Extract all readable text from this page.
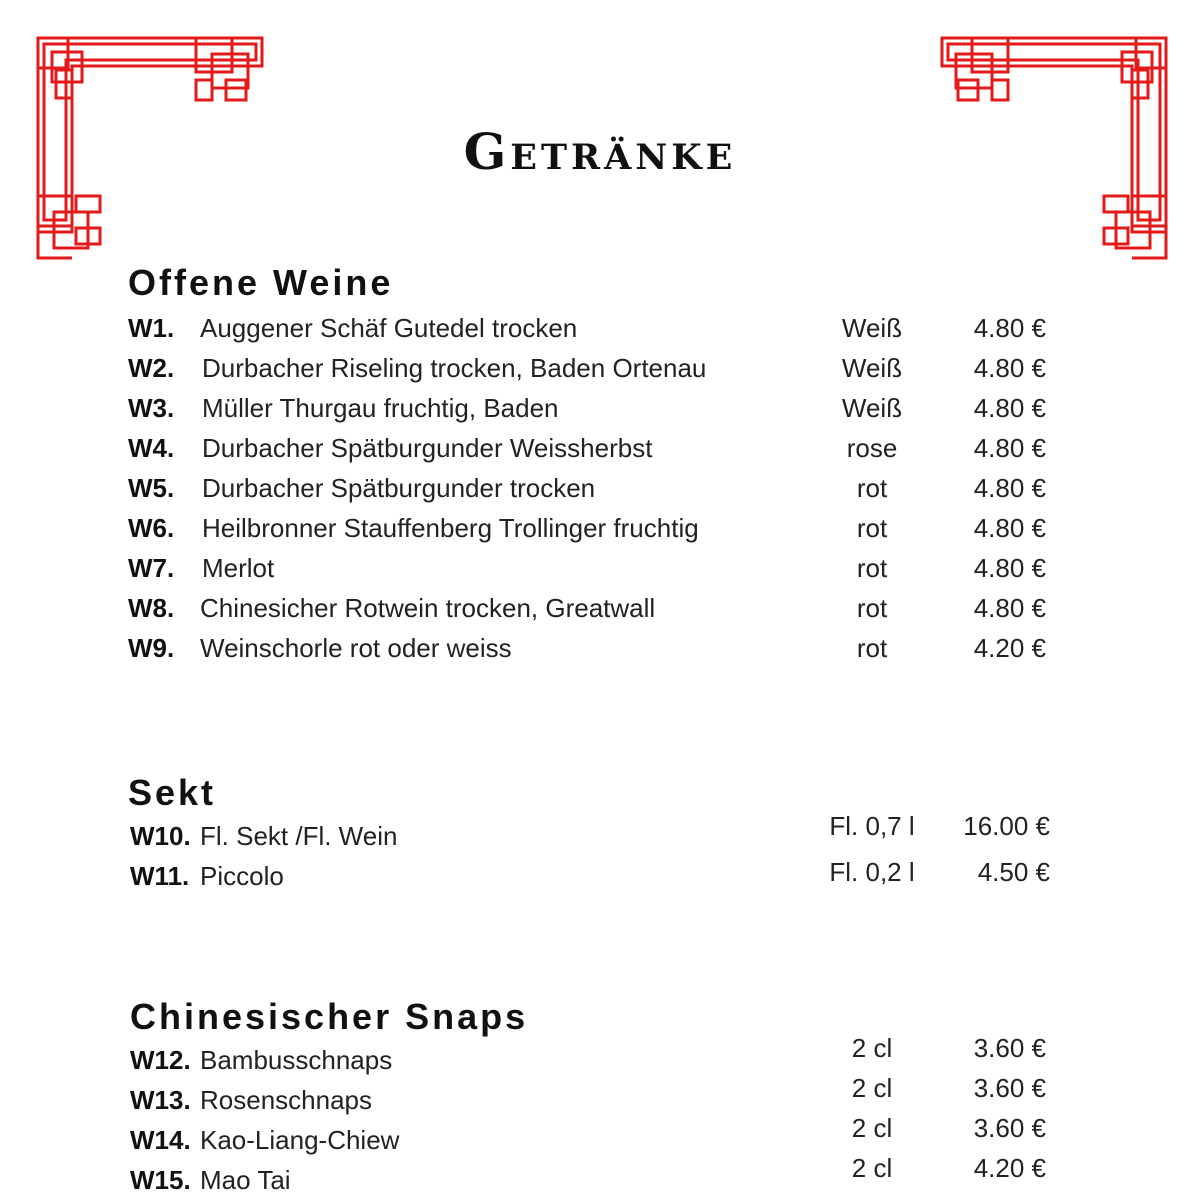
Getränke
Offene Weine
W1. Auggener Schäf Gutedel trocken	Weiß	4.80 €
W2. Durbacher Riseling trocken, Baden Ortenau	Weiß	4.80 €
W3. Müller Thurgau fruchtig, Baden	Weiß	4.80 €
W4. Durbacher Spätburgunder Weissherbst	rose	4.80 €
W5. Durbacher Spätburgunder trocken	rot	4.80 €
W6. Heilbronner Stauffenberg Trollinger fruchtig	rot	4.80 €
W7. Merlot	rot	4.80 €
W8. Chinesicher Rotwein trocken, Greatwall	rot	4.80 €
W9. Weinschorle rot oder weiss	rot	4.20 €
Sekt
W10. Fl. Sekt /Fl. Wein	Fl. 0,7 l	16.00 €
W11. Piccolo	Fl. 0,2 l	4.50 €
Chinesischer Snaps
W12. Bambusschnaps	2 cl	3.60 €
W13. Rosenschnaps	2 cl	3.60 €
W14. Kao-Liang-Chiew	2 cl	3.60 €
W15. Mao Tai	2 cl	4.20 €
